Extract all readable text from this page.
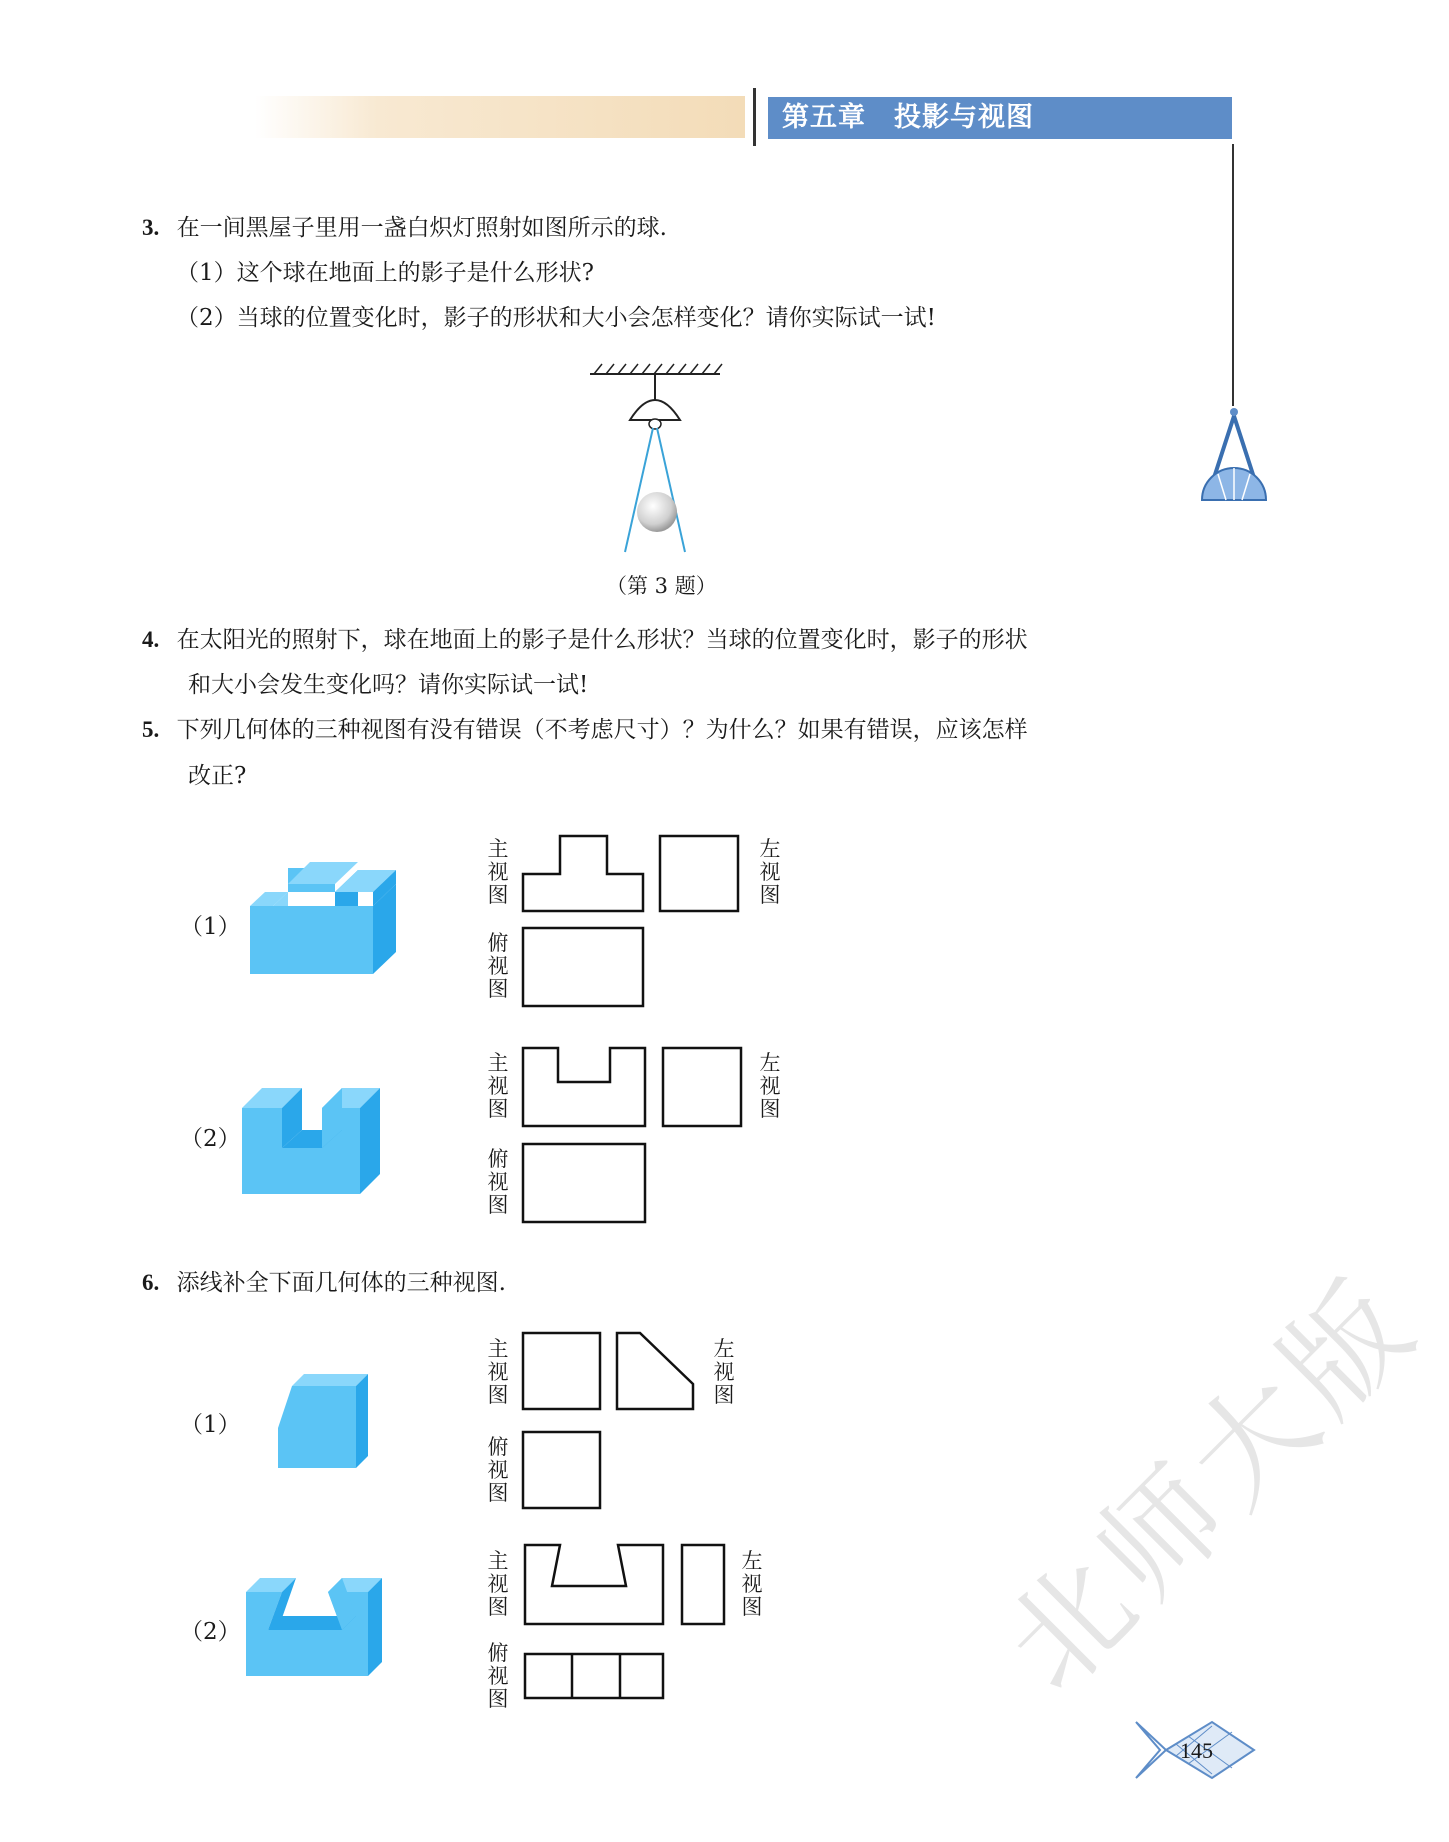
第五章　投影与视图
3. 在一间黑屋子里用一盏白炽灯照射如图所示的球.
（1）这个球在地面上的影子是什么形状?
（2）当球的位置变化时，影子的形状和大小会怎样变化？请你实际试一试!
（第 3 题）
4. 在太阳光的照射下，球在地面上的影子是什么形状？当球的位置变化时，影子的形状
和大小会发生变化吗？请你实际试一试!
5. 下列几何体的三种视图有没有错误（不考虑尺寸）？为什么？如果有错误，应该怎样
改正?
（1）
主视图
左视图
俯视图
（2）
主视图
左视图
俯视图
6. 添线补全下面几何体的三种视图.
（1）
主视图
左视图
俯视图
（2）
主视图
左视图
俯视图	北师大版
145
